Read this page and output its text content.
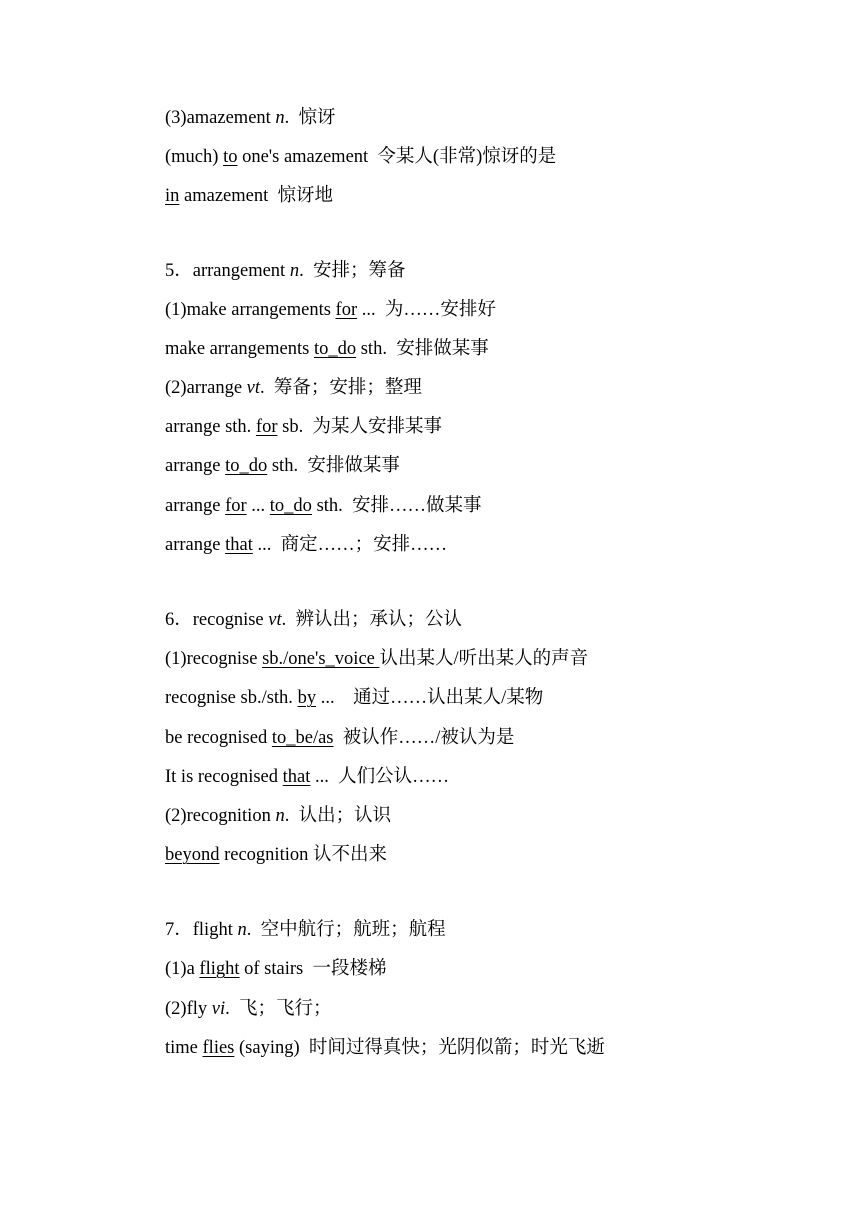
(3)amazement n.  惊讶
(much) to one's amazement  令某人(非常)惊讶的是
in amazement  惊讶地
5．arrangement n.  安排；筹备
(1)make arrangements for ...  为……安排好
make arrangements to_do sth.  安排做某事
(2)arrange vt.  筹备；安排；整理
arrange sth. for sb.  为某人安排某事
arrange to_do sth.  安排做某事
arrange for ... to_do sth.  安排……做某事
arrange that ...  商定……；安排……
6．recognise vt.  辨认出；承认；公认
(1)recognise sb./one's_voice 认出某人/听出某人的声音
recognise sb./sth. by ...    通过……认出某人/某物
be recognised to_be/as  被认作……/被认为是
It is recognised that ...  人们公认……
(2)recognition n.  认出；认识
beyond recognition 认不出来
7．flight n.  空中航行；航班；航程
(1)a flight of stairs  一段楼梯
(2)fly vi.  飞；飞行；
time flies (saying)  时间过得真快；光阴似箭；时光飞逝
